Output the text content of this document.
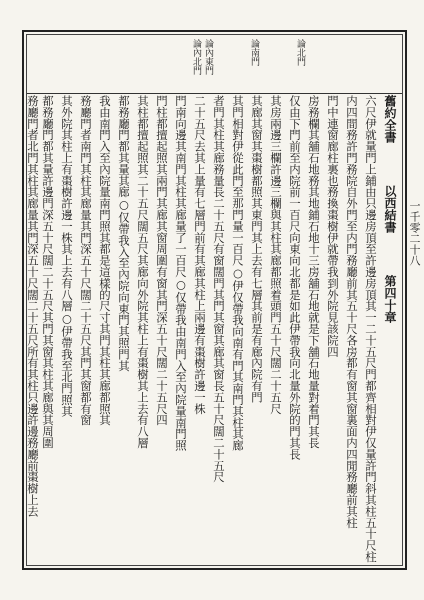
論北門
論南門
論內東門
論內北門
舊約全書  以西結書  第四十章
六尺伊就量門上鋪由只邊房頂至許邊房頂其一二十五尺門都齊相對伊仅量許門斜其柱五十尺柱
内四間務許門務院自外門至内門務廳前其五十尺各房都有窗其窗裏面内四閒務廳前其柱
門中連窗廊柱裏也務換棗樹伊就帶我到外院見該院四
房務欄其舖石地務其地鋪石地十三房舖石地就是下舖石地量對着門其長
仅由下門前至内院前一百尺向東向北都是如此伊帶我向北量外院的門其長
其房兩邊三欄許邊三欄與其柱其廊都照着頭門五十尺闊二十五尺
其廊其窗其棗樹都照其東門其上去有七層其前是有廊內院有門
其門相對伊從此門至那門量一百尺○伊仅帶我向南有門其南門其柱其廊
者門其柱其廊務量長二十五尺有窗闊門其門其窗其廊其窗長五十尺闊二十五尺
二十五尺去其上量有七層門前有其廊其柱上兩邊有棗樹許邊一株
門南向邊其南門其柱其廊量了一百尺○仅帶我由南門入至內院量南門照
門柱都擅起照其兩門其廊其窗周圍有窗其門深五十尺闊二十五尺四
其柱都擅起照其二十五尺闊五尺其廊向外院其柱上有棗樹其上去有八層
都務廳門都其量其廊○仅帶我入至內院向東門其照門其
我由南門入至內院量南門照其都是這樣的尺寸其門其柱其廊都照其
務廳門者南門其柱其廊量其門深五十尺闊二十五尺其門其窗都有窗
其外院其柱上有棗樹許邊一株其上去有八層○伊帶我至北門照其
都務廳門都其量許邊門深五十尺闊二十五尺其門其窗其柱其廊與其周圍
務廳門者北門其柱其廊量其門深五十尺闊二十五尺所有其柱只邊許邊務廳前棗樹上去	一千零二十八
